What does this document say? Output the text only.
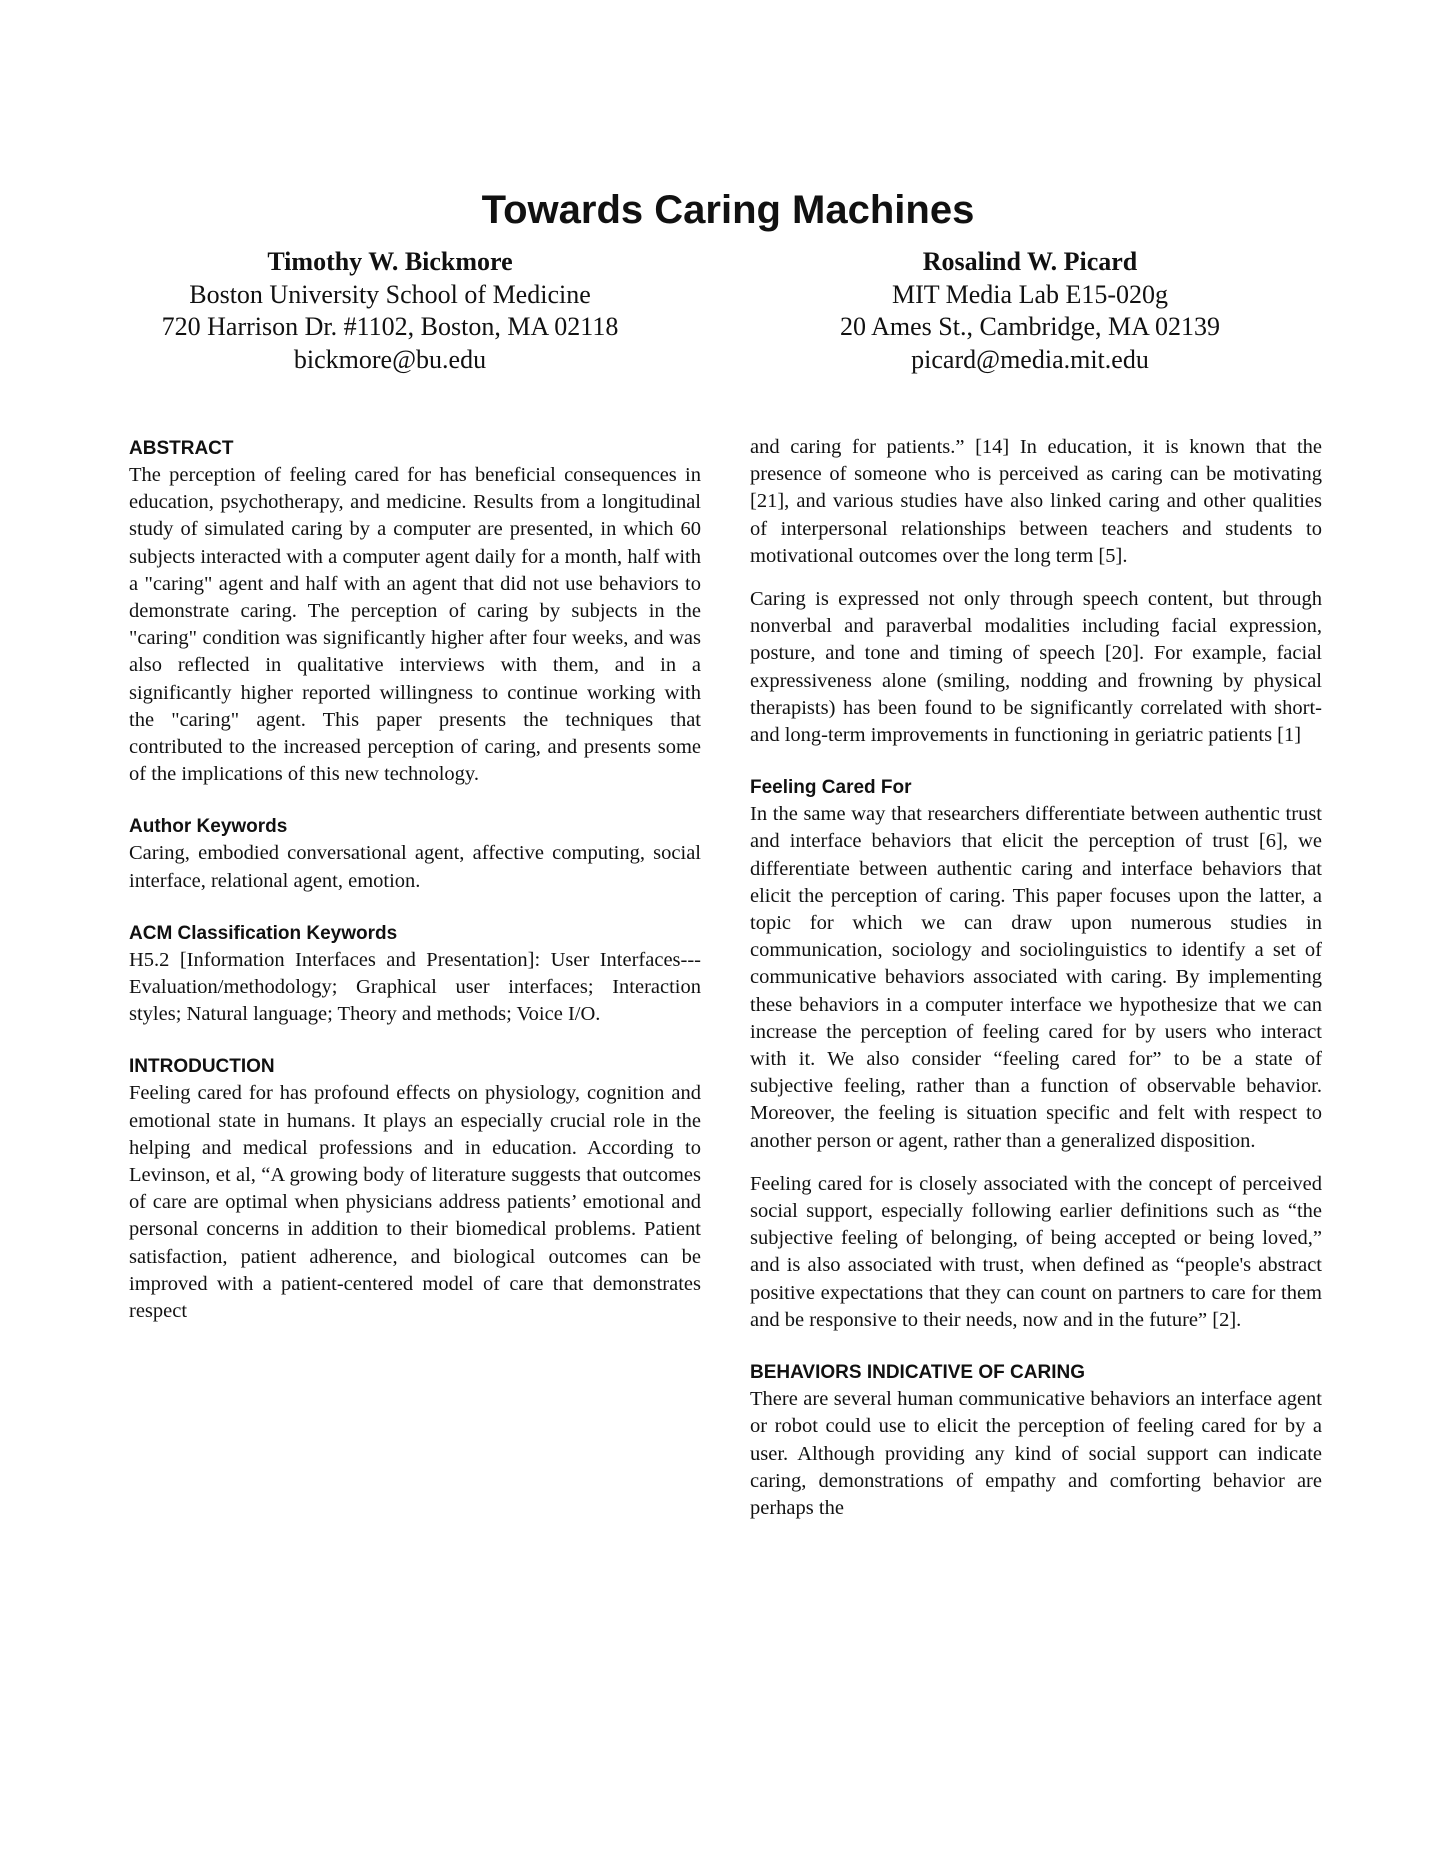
Towards Caring Machines
Timothy W. Bickmore
Boston University School of Medicine
720 Harrison Dr. #1102, Boston, MA 02118
bickmore@bu.edu
Rosalind W. Picard
MIT Media Lab E15-020g
20 Ames St., Cambridge, MA 02139
picard@media.mit.edu
ABSTRACT

The perception of feeling cared for has beneficial consequences in education, psychotherapy, and medicine. Results from a longitudinal study of simulated caring by a computer are presented, in which 60 subjects interacted with a computer agent daily for a month, half with a "caring" agent and half with an agent that did not use behaviors to demonstrate caring. The perception of caring by subjects in the "caring" condition was significantly higher after four weeks, and was also reflected in qualitative interviews with them, and in a significantly higher reported willingness to continue working with the "caring" agent. This paper presents the techniques that contributed to the increased perception of caring, and presents some of the implications of this new technology.

Author Keywords

Caring, embodied conversational agent, affective computing, social interface, relational agent, emotion.

ACM Classification Keywords

H5.2 [Information Interfaces and Presentation]: User Interfaces---Evaluation/methodology; Graphical user interfaces; Interaction styles; Natural language; Theory and methods; Voice I/O.

INTRODUCTION

Feeling cared for has profound effects on physiology, cognition and emotional state in humans. It plays an especially crucial role in the helping and medical professions and in education. According to Levinson, et al, “A growing body of literature suggests that outcomes of care are optimal when physicians address patients’ emotional and personal concerns in addition to their biomedical problems. Patient satisfaction, patient adherence, and biological outcomes can be improved with a patient-centered model of care that demonstrates respect

and caring for patients.” [14] In education, it is known that the presence of someone who is perceived as caring can be motivating [21], and various studies have also linked caring and other qualities of interpersonal relationships between teachers and students to motivational outcomes over the long term [5].

Caring is expressed not only through speech content, but through nonverbal and paraverbal modalities including facial expression, posture, and tone and timing of speech [20]. For example, facial expressiveness alone (smiling, nodding and frowning by physical therapists) has been found to be significantly correlated with short- and long-term improvements in functioning in geriatric patients [1]

Feeling Cared For

In the same way that researchers differentiate between authentic trust and interface behaviors that elicit the perception of trust [6], we differentiate between authentic caring and interface behaviors that elicit the perception of caring. This paper focuses upon the latter, a topic for which we can draw upon numerous studies in communication, sociology and sociolinguistics to identify a set of communicative behaviors associated with caring. By implementing these behaviors in a computer interface we hypothesize that we can increase the perception of feeling cared for by users who interact with it. We also consider “feeling cared for” to be a state of subjective feeling, rather than a function of observable behavior. Moreover, the feeling is situation specific and felt with respect to another person or agent, rather than a generalized disposition.

Feeling cared for is closely associated with the concept of perceived social support, especially following earlier definitions such as “the subjective feeling of belonging, of being accepted or being loved,” and is also associated with trust, when defined as “people's abstract positive expectations that they can count on partners to care for them and be responsive to their needs, now and in the future” [2].

BEHAVIORS INDICATIVE OF CARING

There are several human communicative behaviors an interface agent or robot could use to elicit the perception of feeling cared for by a user. Although providing any kind of social support can indicate caring, demonstrations of empathy and comforting behavior are perhaps the
